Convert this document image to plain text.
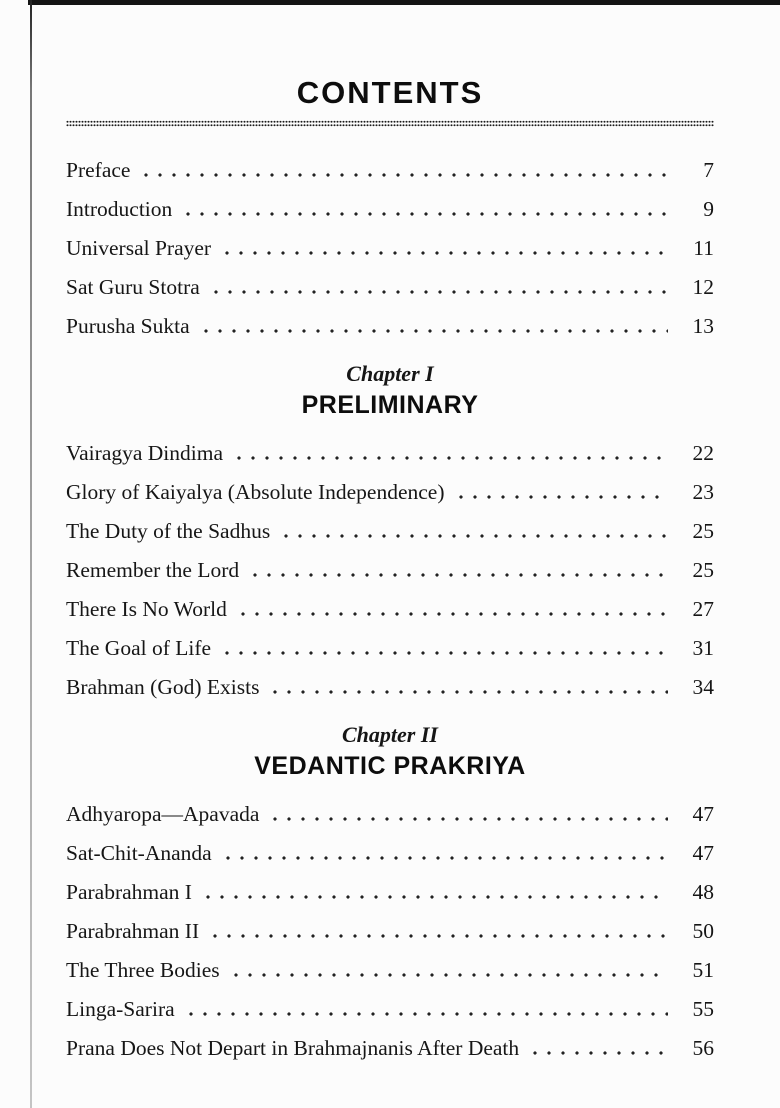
CONTENTS
Preface	7
Introduction	9
Universal Prayer	11
Sat Guru Stotra	12
Purusha Sukta	13
Chapter I
PRELIMINARY
Vairagya Dindima	22
Glory of Kaiyalya (Absolute Independence)	23
The Duty of the Sadhus	25
Remember the Lord	25
There Is No World	27
The Goal of Life	31
Brahman (God) Exists	34
Chapter II
VEDANTIC PRAKRIYA
Adhyaropa—Apavada	47
Sat-Chit-Ananda	47
Parabrahman I	48
Parabrahman II	50
The Three Bodies	51
Linga-Sarira	55
Prana Does Not Depart in Brahmajnanis After Death	56
